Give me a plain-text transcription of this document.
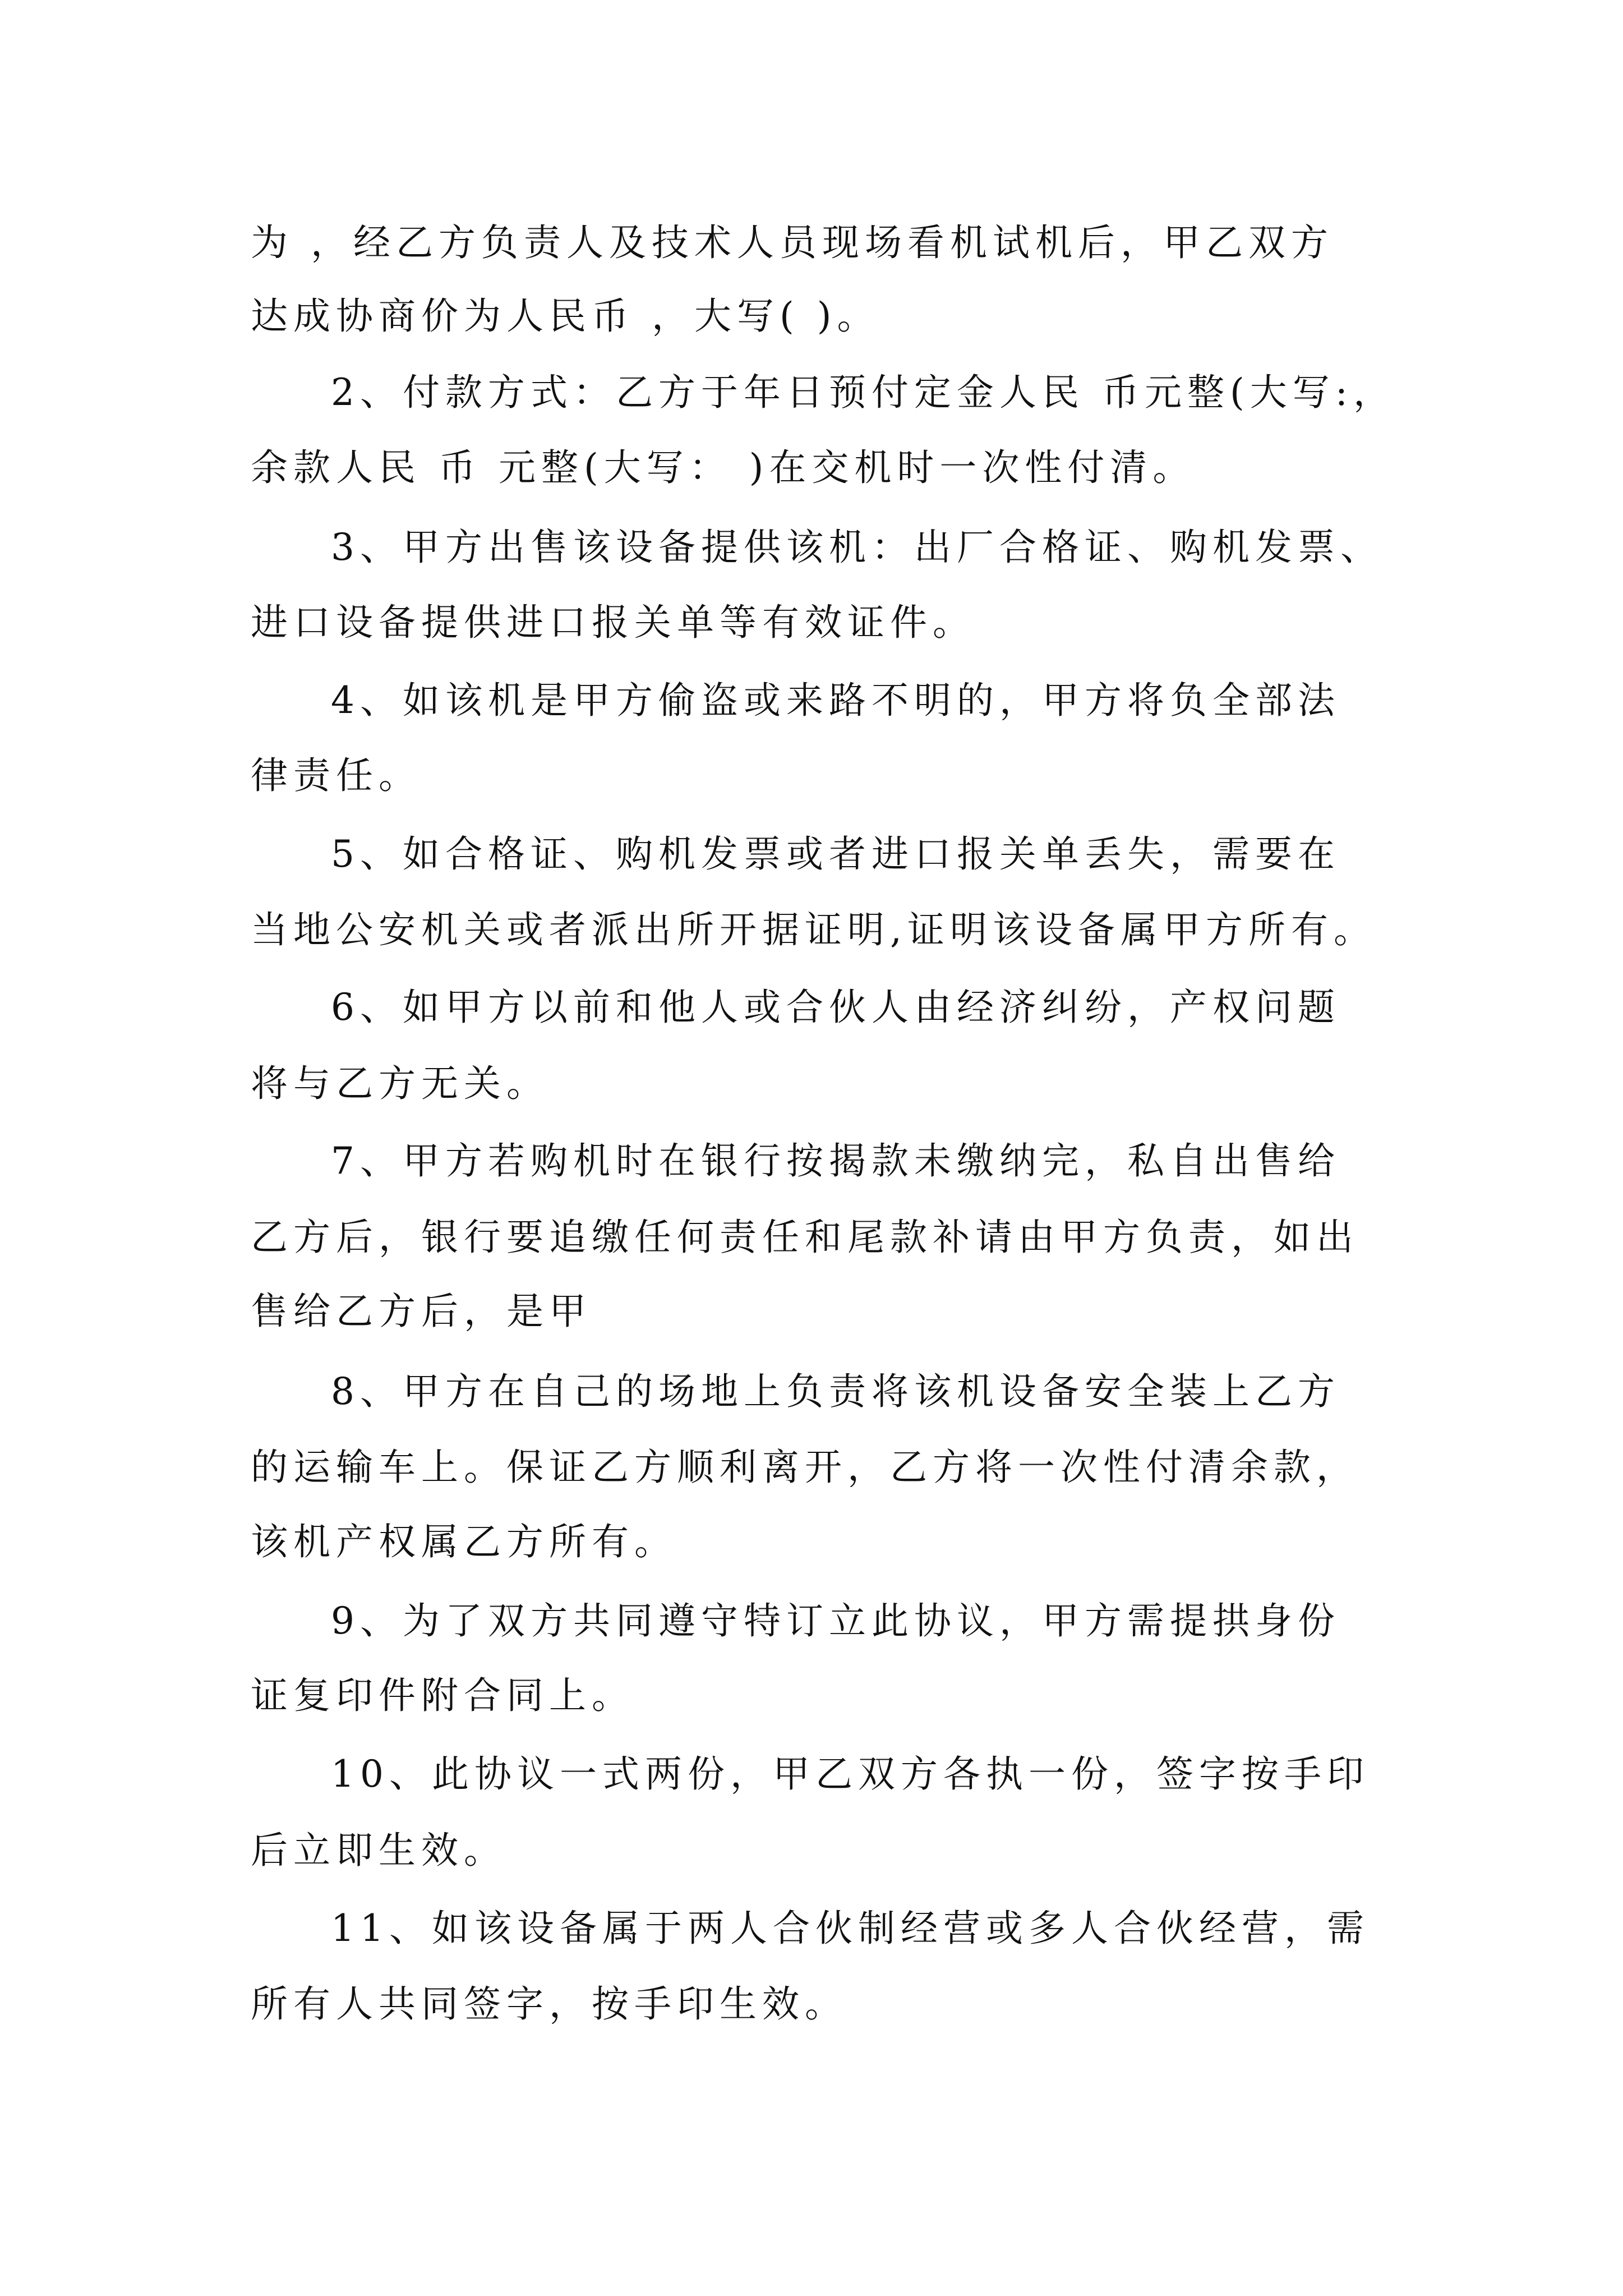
为 ，经乙方负责人及技术人员现场看机试机后，甲乙双方
达成协商价为人民币 ，大写( )。
2、付款方式：乙方于年日预付定金人民 币元整(大写:，
余款人民 币 元整(大写： )在交机时一次性付清。
3、甲方出售该设备提供该机：出厂合格证、购机发票、
进口设备提供进口报关单等有效证件。
4、如该机是甲方偷盗或来路不明的，甲方将负全部法
律责任。
5、如合格证、购机发票或者进口报关单丢失，需要在
当地公安机关或者派出所开据证明,证明该设备属甲方所有。
6、如甲方以前和他人或合伙人由经济纠纷，产权问题
将与乙方无关。
7、甲方若购机时在银行按揭款未缴纳完，私自出售给
乙方后，银行要追缴任何责任和尾款补请由甲方负责，如出
售给乙方后，是甲
8、甲方在自己的场地上负责将该机设备安全装上乙方
的运输车上。保证乙方顺利离开，乙方将一次性付清余款，
该机产权属乙方所有。
9、为了双方共同遵守特订立此协议，甲方需提拱身份
证复印件附合同上。
10、此协议一式两份，甲乙双方各执一份，签字按手印
后立即生效。
11、如该设备属于两人合伙制经营或多人合伙经营，需
所有人共同签字，按手印生效。
